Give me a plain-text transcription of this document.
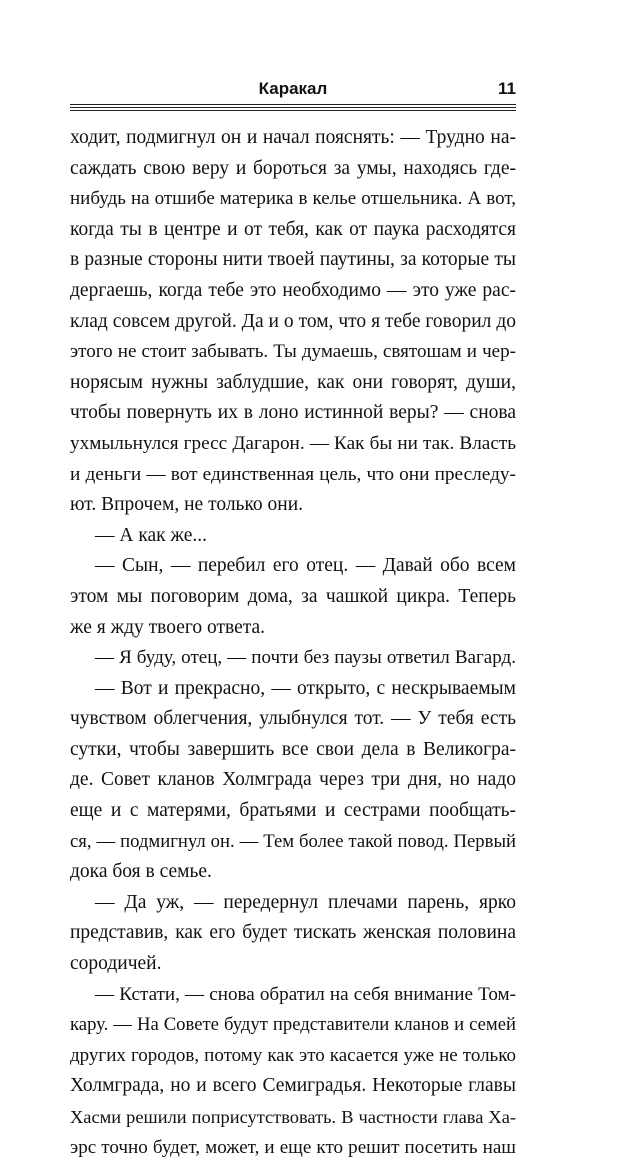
Каракал	11
ходит, подмигнул он и начал пояснять: — Трудно на-
саждать свою веру и бороться за умы, находясь где-
нибудь на отшибе материка в келье отшельника. А вот,
когда ты в центре и от тебя, как от паука расходятся
в разные стороны нити твоей паутины, за которые ты
дергаешь, когда тебе это необходимо — это уже рас-
клад совсем другой. Да и о том, что я тебе говорил до
этого не стоит забывать. Ты думаешь, святошам и чер-
норясым нужны заблудшие, как они говорят, души,
чтобы повернуть их в лоно истинной веры? — снова
ухмыльнулся гресс Дагарон. — Как бы ни так. Власть
и деньги — вот единственная цель, что они преследу-
ют. Впрочем, не только они.
— А как же...
— Сын, — перебил его отец. — Давай обо всем
этом мы поговорим дома, за чашкой цикра. Теперь
же я жду твоего ответа.
— Я буду, отец, — почти без паузы ответил Вагард.
— Вот и прекрасно, — открыто, с нескрываемым
чувством облегчения, улыбнулся тот. — У тебя есть
сутки, чтобы завершить все свои дела в Великогра-
де. Совет кланов Холмграда через три дня, но надо
еще и с матерями, братьями и сестрами пообщать-
ся, — подмигнул он. — Тем более такой повод. Первый
дока боя в семье.
— Да уж, — передернул плечами парень, ярко
представив, как его будет тискать женская половина
сородичей.
— Кстати, — снова обратил на себя внимание Том-
кару. — На Совете будут представители кланов и семей
других городов, потому как это касается уже не только
Холмграда, но и всего Семиградья. Некоторые главы
Хасми решили поприсутствовать. В частности глава Ха-
эрс точно будет, может, и еще кто решит посетить наш
